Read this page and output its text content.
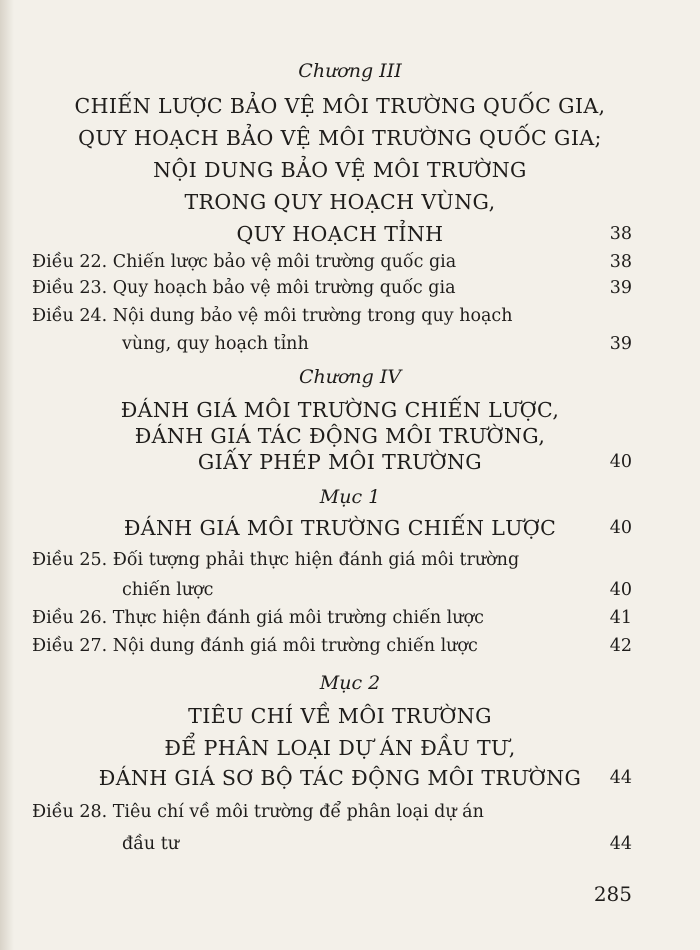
Chương III
CHIẾN LƯỢC BẢO VỆ MÔI TRƯỜNG QUỐC GIA,
QUY HOẠCH BẢO VỆ MÔI TRƯỜNG QUỐC GIA;
NỘI DUNG BẢO VỆ MÔI TRƯỜNG
TRONG QUY HOẠCH VÙNG,
QUY HOẠCH TỈNH	38
Điều 22. Chiến lược bảo vệ môi trường quốc gia	38
Điều 23. Quy hoạch bảo vệ môi trường quốc gia	39
Điều 24. Nội dung bảo vệ môi trường trong quy hoạch
vùng, quy hoạch tỉnh	39
Chương IV
ĐÁNH GIÁ MÔI TRƯỜNG CHIẾN LƯỢC,
ĐÁNH GIÁ TÁC ĐỘNG MÔI TRƯỜNG,
GIẤY PHÉP MÔI TRƯỜNG	40
Mục 1
ĐÁNH GIÁ MÔI TRƯỜNG CHIẾN LƯỢC	40
Điều 25. Đối tượng phải thực hiện đánh giá môi trường
chiến lược	40
Điều 26. Thực hiện đánh giá môi trường chiến lược	41
Điều 27. Nội dung đánh giá môi trường chiến lược	42
Mục 2
TIÊU CHÍ VỀ MÔI TRƯỜNG
ĐỂ PHÂN LOẠI DỰ ÁN ĐẦU TƯ,
ĐÁNH GIÁ SƠ BỘ TÁC ĐỘNG MÔI TRƯỜNG	44
Điều 28. Tiêu chí về môi trường để phân loại dự án
đầu tư	44
285
